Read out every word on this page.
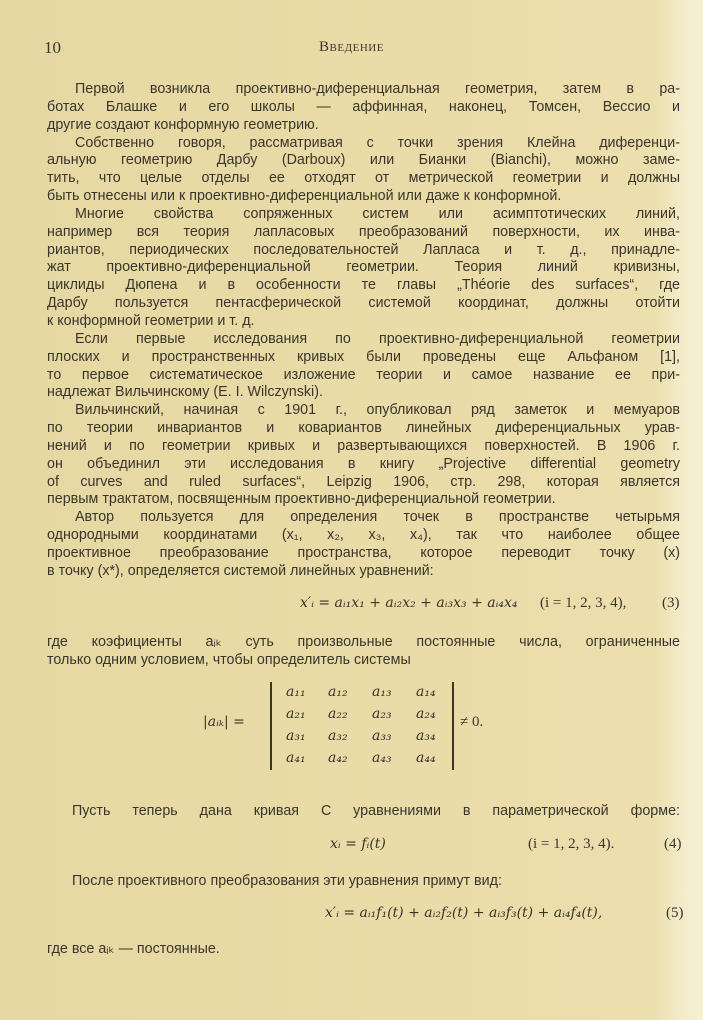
10	Введение
Первой возникла проективно-диференциальная геометрия, затем в ра-
ботах Блашке и его школы — аффинная, наконец, Томсен, Вессио и
другие создают конформную геометрию.
Собственно говоря, рассматривая с точки зрения Клейна диференци-
альную геометрию Дарбу (Darboux) или Бианки (Bianchi), можно заме-
тить, что целые отделы ее отходят от метрической геометрии и должны
быть отнесены или к проективно-диференциальной или даже к конформной.
Многие свойства сопряженных систем или асимптотических линий,
например вся теория лапласовых преобразований поверхности, их инва-
риантов, периодических последовательностей Лапласа и т. д., принадле-
жат проективно-диференциальной геометрии. Теория линий кривизны,
циклиды Дюпена и в особенности те главы „Théorie des surfaces“, где
Дарбу пользуется пентасферической системой координат, должны отойти
к конформной геометрии и т. д.
Если первые исследования по проективно-диференциальной геометрии
плоских и пространственных кривых были проведены еще Альфаном [1],
то первое систематическое изложение теории и самое название ее при-
надлежат Вильчинскому (E. I. Wilczynski).
Вильчинский, начиная с 1901 г., опубликовал ряд заметок и мемуаров
по теории инвариантов и ковариантов линейных диференциальных урав-
нений и по геометрии кривых и развертывающихся поверхностей. В 1906 г.
он объединил эти исследования в книгу „Projective differential geometry
of curves and ruled surfaces“, Leipzig 1906, стр. 298, которая является
первым трактатом, посвященным проективно-диференциальной геометрии.
Автор пользуется для определения точек в пространстве четырьмя
однородными координатами (x₁, x₂, x₃, x₄), так что наиболее общее
проективное преобразование пространства, которое переводит точку (x)
в точку (x*), определяется системой линейных уравнений:
x′ᵢ = aᵢ₁x₁ + aᵢ₂x₂ + aᵢ₃x₃ + aᵢ₄x₄ (i = 1, 2, 3, 4), (3)
где коэфициенты aᵢₖ суть произвольные постоянные числа, ограниченные
только одним условием, чтобы определитель системы
|aᵢₖ| =
a₁₁	a₁₂	a₁₃	a₁₄
a₂₁	a₂₂	a₂₃	a₂₄
a₃₁	a₃₂	a₃₃	a₃₄
a₄₁	a₄₂	a₄₃	a₄₄
≠ 0.
Пусть теперь дана кривая C уравнениями в параметрической форме:
xᵢ = fᵢ(t)	(i = 1, 2, 3, 4).	(4)
После проективного преобразования эти уравнения примут вид:
x′ᵢ = aᵢ₁f₁(t) + aᵢ₂f₂(t) + aᵢ₃f₃(t) + aᵢ₄f₄(t),	(5)
где все aᵢₖ — постоянные.
